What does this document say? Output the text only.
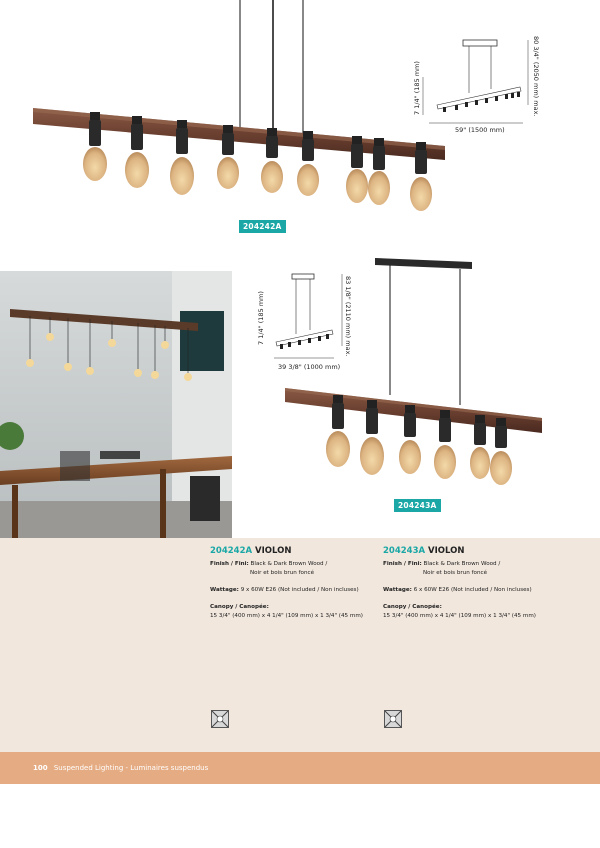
204242A
59" (1500 mm)
80 3/4" (2050 mm) max.
7 1/4" (185 mm)
204243A
39 3/8" (1000 mm)
83 1/8" (2110 mm) max.
7 1/4" (185 mm)
204242A VIOLON
Finish / Fini: Black & Dark Brown Wood /
Noir et bois brun foncé
Wattage: 9 x 60W E26 (Not included / Non incluses)
Canopy / Canopée:
15 3/4" (400 mm) x 4 1/4" (109 mm) x 1 3/4" (45 mm)
204243A VIOLON
Finish / Fini: Black & Dark Brown Wood /
Noir et bois brun foncé
Wattage: 6 x 60W E26 (Not included / Non incluses)
Canopy / Canopée:
15 3/4" (400 mm) x 4 1/4" (109 mm) x 1 3/4" (45 mm)
100 Suspended Lighting - Luminaires suspendus
